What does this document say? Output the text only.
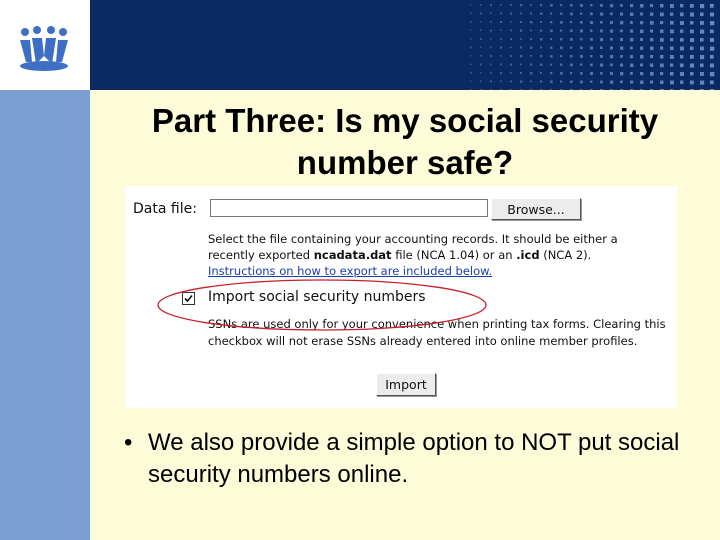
Part Three: Is my social security
number safe?
Data file:	Browse...
Select the file containing your accounting records. It should be either a recently exported ncadata.dat file (NCA 1.04) or an .icd (NCA 2).
Instructions on how to export are included below.
Import social security numbers
SSNs are used only for your convenience when printing tax forms. Clearing this checkbox will not erase SSNs already entered into online member profiles.
Import
• We also provide a simple option to NOT put social security numbers online.
